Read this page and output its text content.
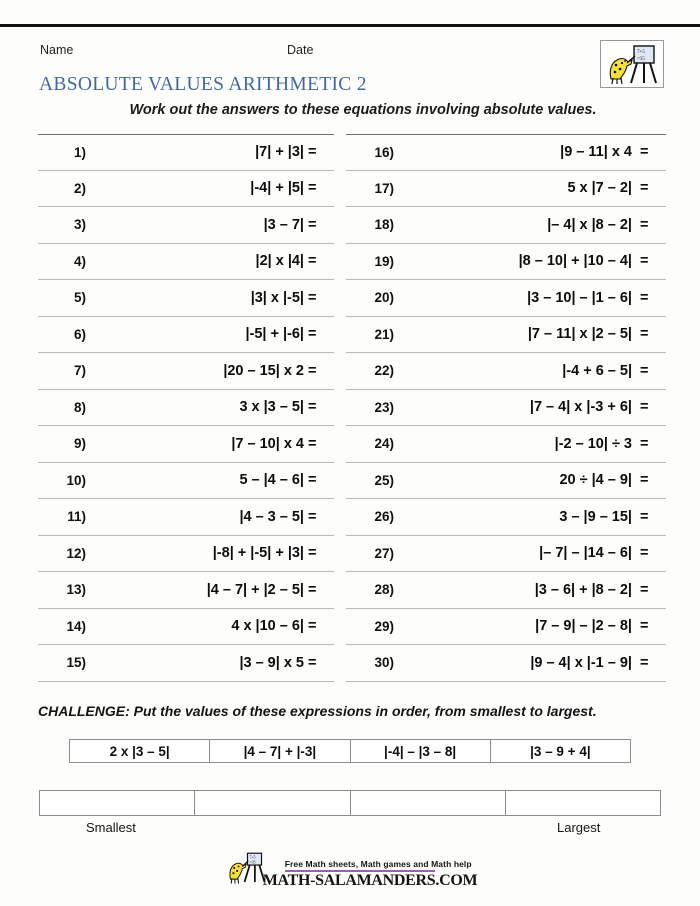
Name	Date	7+5
=35
ABSOLUTE VALUES ARITHMETIC 2
Work out the answers to these equations involving absolute values.
1)	|7| + |3| =
2)	|-4| + |5| =
3)	|3 – 7| =
4)	|2| x |4| =
5)	|3| x |-5| =
6)	|-5| + |-6| =
7)	|20 – 15| x 2 =
8)	3 x |3 – 5| =
9)	|7 – 10| x 4 =
10)	5 – |4 – 6| =
11)	|4 – 3 – 5| =
12)	|-8| + |-5| + |3| =
13)	|4 – 7| + |2 – 5| =
14)	4 x |10 – 6| =
15)	|3 – 9| x 5 =
16)	|9 – 11| x 4 =
17)	5 x |7 – 2| =
18)	|– 4| x |8 – 2| =
19)	|8 – 10| + |10 – 4| =
20)	|3 – 10| – |1 – 6| =
21)	|7 – 11| x |2 – 5| =
22)	|-4 + 6 – 5| =
23)	|7 – 4| x |-3 + 6| =
24)	|-2 – 10| ÷ 3 =
25)	20 ÷ |4 – 9| =
26)	3 – |9 – 15| =
27)	|– 7| – |14 – 6| =
28)	|3 – 6| + |8 – 2| =
29)	|7 – 9| – |2 – 8| =
30)	|9 – 4| x |-1 – 9| =
CHALLENGE: Put the values of these expressions in order, from smallest to largest.
2 x |3 – 5|	|4 – 7| + |-3|	|-4| – |3 – 8|	|3 – 9 + 4|
Smallest	Largest
7+5
=35	Free Math sheets, Math games and Math help
MATH-SALAMANDERS.COM
